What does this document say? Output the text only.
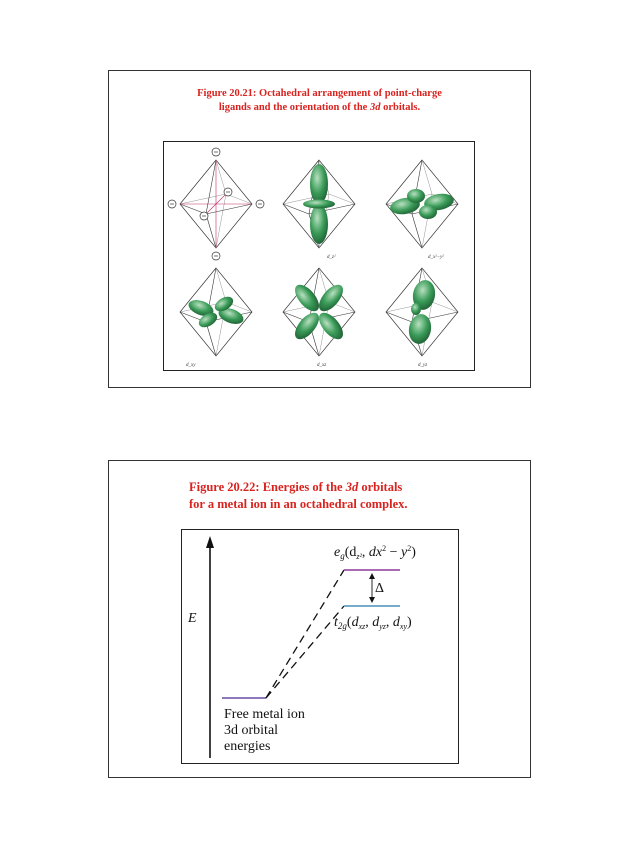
Figure 20.21: Octahedral arrangement of point-charge
ligands and the orientation of the 3d orbitals.
d_z²	d_x²−y²
d_xy	d_xz	d_yz
Figure 20.22: Energies of the 3d orbitals
for a metal ion in an octahedral complex.
E
Δ
$e_g(d_{z^2}$, $dx^2 - y^2$)
$t_{2g}(d_{xz}$, $d_{yz}$, $d_{xy}$)
Free metal ion
3d orbital
energies
